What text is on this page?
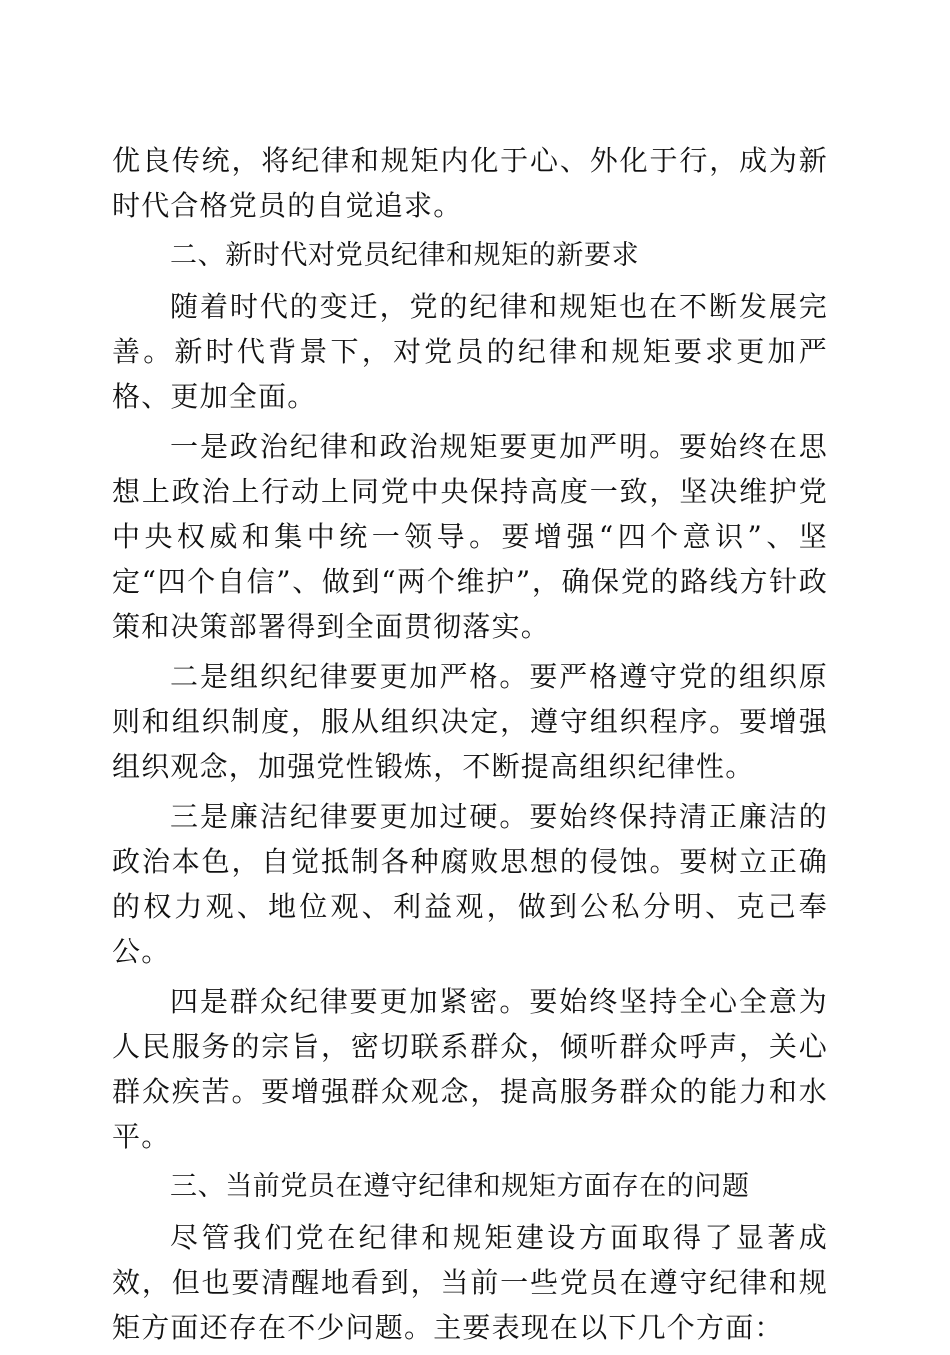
优良传统，将纪律和规矩内化于心、外化于行，成为新时代合格党员的自觉追求。

二、新时代对党员纪律和规矩的新要求

随着时代的变迁，党的纪律和规矩也在不断发展完善。新时代背景下，对党员的纪律和规矩要求更加严格、更加全面。

一是政治纪律和政治规矩要更加严明。要始终在思想上政治上行动上同党中央保持高度一致，坚决维护党中央权威和集中统一领导。要增强“四个意识”、坚定“四个自信”、做到“两个维护”，确保党的路线方针政策和决策部署得到全面贯彻落实。

二是组织纪律要更加严格。要严格遵守党的组织原则和组织制度，服从组织决定，遵守组织程序。要增强组织观念，加强党性锻炼，不断提高组织纪律性。

三是廉洁纪律要更加过硬。要始终保持清正廉洁的政治本色，自觉抵制各种腐败思想的侵蚀。要树立正确的权力观、地位观、利益观，做到公私分明、克己奉公。

四是群众纪律要更加紧密。要始终坚持全心全意为人民服务的宗旨，密切联系群众，倾听群众呼声，关心群众疾苦。要增强群众观念，提高服务群众的能力和水平。

三、当前党员在遵守纪律和规矩方面存在的问题

尽管我们党在纪律和规矩建设方面取得了显著成效，但也要清醒地看到，当前一些党员在遵守纪律和规矩方面还存在不少问题。主要表现在以下几个方面：
